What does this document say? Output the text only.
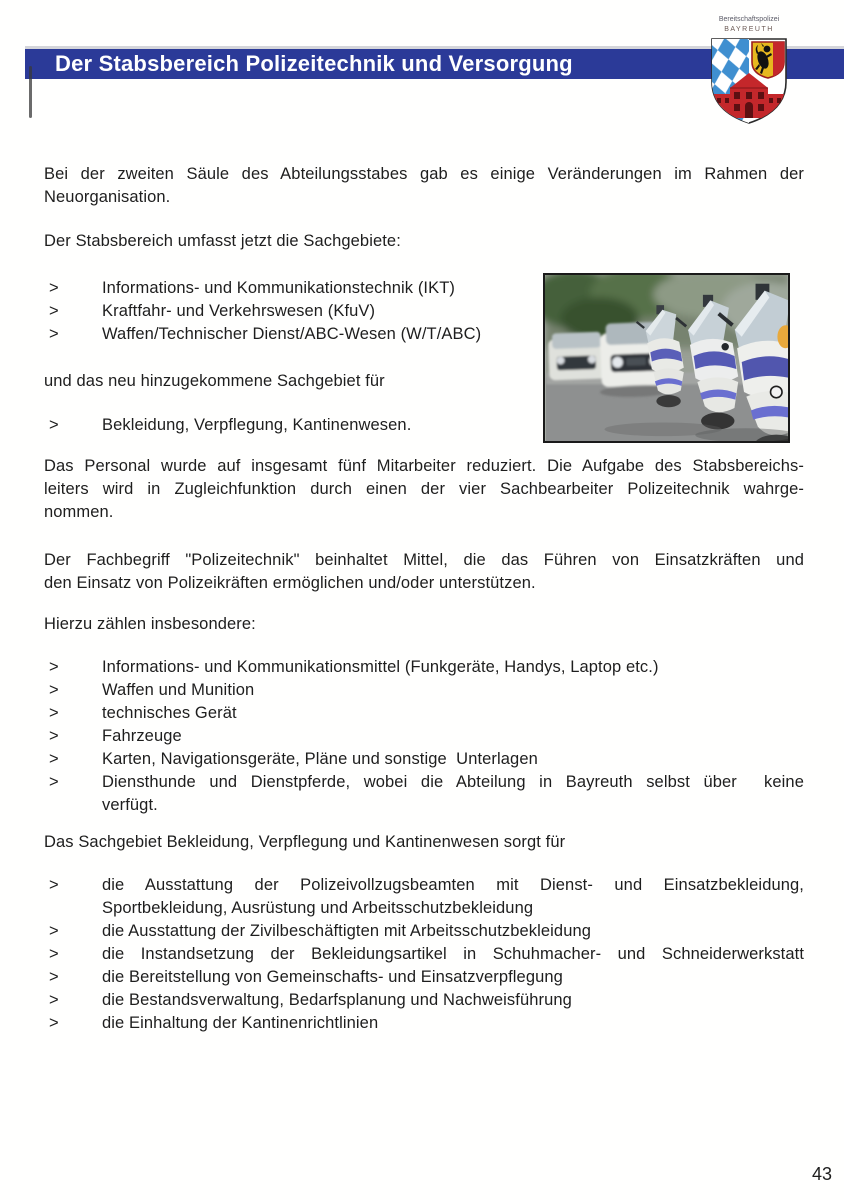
Der Stabsbereich Polizeitechnik und Versorgung
Bereitschaftspolizei
BAYREUTH
Bei der zweiten Säule des Abteilungsstabes gab es einige Veränderungen im Rahmen der
Neuorganisation.
Der Stabsbereich umfasst jetzt die Sachgebiete:
>	Informations- und Kommunikationstechnik (IKT)
>	Kraftfahr- und Verkehrswesen (KfuV)
>	Waffen/Technischer Dienst/ABC-Wesen (W/T/ABC)
und das neu hinzugekommene Sachgebiet für
>	Bekleidung, Verpflegung, Kantinenwesen.
Das Personal wurde auf insgesamt fünf Mitarbeiter reduziert. Die Aufgabe des Stabsbereichs-
leiters wird in Zugleichfunktion durch einen der vier Sachbearbeiter Polizeitechnik wahrge-
nommen.
Der Fachbegriff "Polizeitechnik" beinhaltet Mittel, die das Führen von Einsatzkräften und
den Einsatz von Polizeikräften ermöglichen und/oder unterstützen.
Hierzu zählen insbesondere:
>	Informations- und Kommunikationsmittel (Funkgeräte, Handys, Laptop etc.)
>	Waffen und Munition
>	technisches Gerät
>	Fahrzeuge
>	Karten, Navigationsgeräte, Pläne und sonstige  Unterlagen
>	Diensthunde und Dienstpferde, wobei die Abteilung in Bayreuth selbst über  keine
verfügt.
Das Sachgebiet Bekleidung, Verpflegung und Kantinenwesen sorgt für
>	die Ausstattung der Polizeivollzugsbeamten mit Dienst- und Einsatzbekleidung,
Sportbekleidung, Ausrüstung und Arbeitsschutzbekleidung
>	die Ausstattung der Zivilbeschäftigten mit Arbeitsschutzbekleidung
>	die Instandsetzung der Bekleidungsartikel in Schuhmacher- und Schneiderwerkstatt
>	die Bereitstellung von Gemeinschafts- und Einsatzverpflegung
>	die Bestandsverwaltung, Bedarfsplanung und Nachweisführung
>	die Einhaltung der Kantinenrichtlinien
43
